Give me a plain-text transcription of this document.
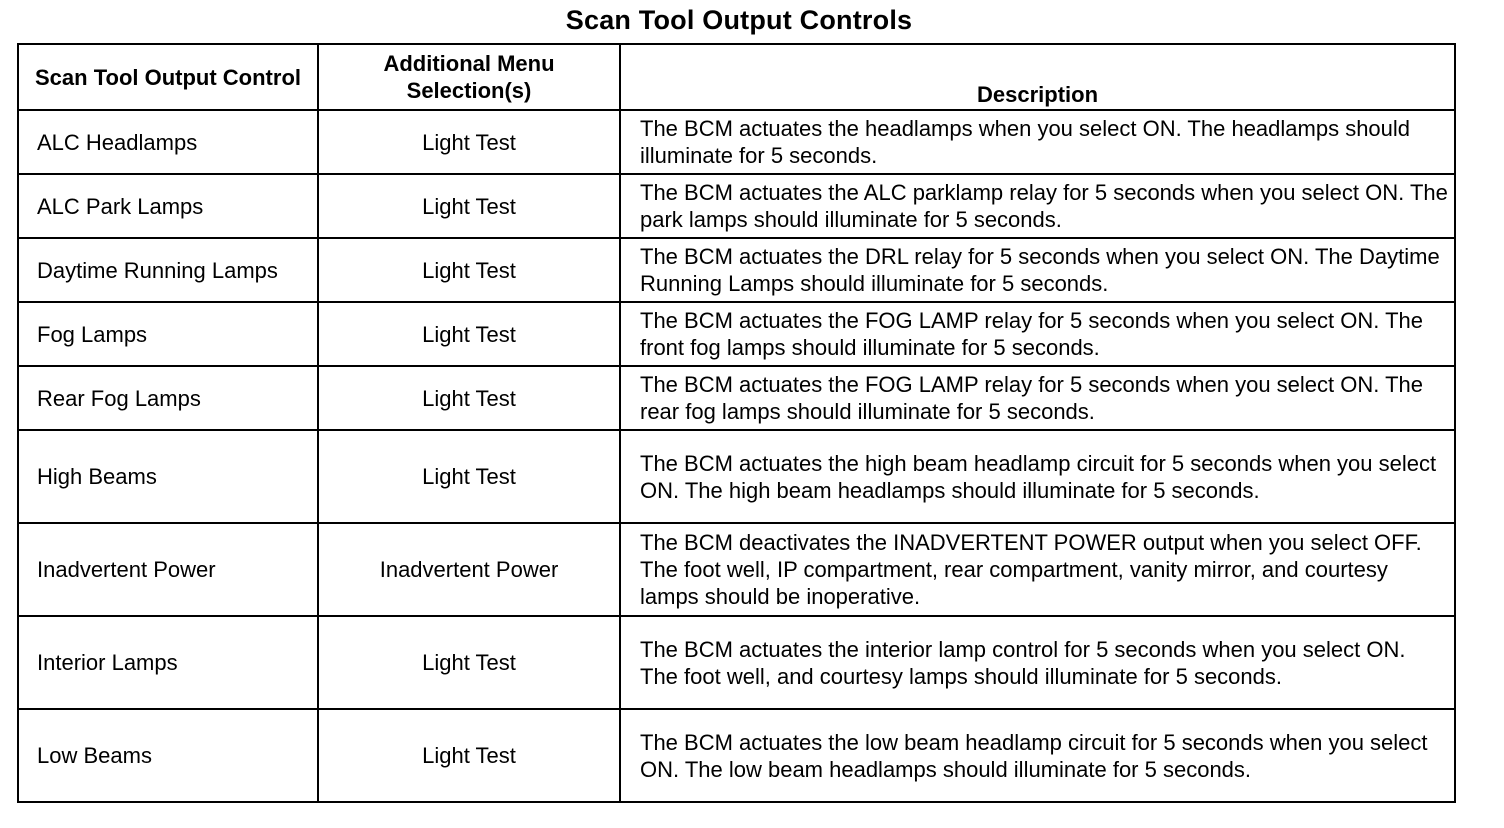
Scan Tool Output Controls
Scan Tool Output Control	Additional Menu Selection(s)	Description
ALC Headlamps	Light Test	The BCM actuates the headlamps when you select ON. The headlamps should illuminate for 5 seconds.
ALC Park Lamps	Light Test	The BCM actuates the ALC parklamp relay for 5 seconds when you select ON. The park lamps should illuminate for 5 seconds.
Daytime Running Lamps	Light Test	The BCM actuates the DRL relay for 5 seconds when you select ON. The Daytime Running Lamps should illuminate for 5 seconds.
Fog Lamps	Light Test	The BCM actuates the FOG LAMP relay for 5 seconds when you select ON. The front fog lamps should illuminate for 5 seconds.
Rear Fog Lamps	Light Test	The BCM actuates the FOG LAMP relay for 5 seconds when you select ON. The rear fog lamps should illuminate for 5 seconds.
High Beams	Light Test	The BCM actuates the high beam headlamp circuit for 5 seconds when you select ON. The high beam headlamps should illuminate for 5 seconds.
Inadvertent Power	Inadvertent Power	The BCM deactivates the INADVERTENT POWER output when you select OFF. The foot well, IP compartment, rear compartment, vanity mirror, and courtesy lamps should be inoperative.
Interior Lamps	Light Test	The BCM actuates the interior lamp control for 5 seconds when you select ON. The foot well, and courtesy lamps should illuminate for 5 seconds.
Low Beams	Light Test	The BCM actuates the low beam headlamp circuit for 5 seconds when you select ON. The low beam headlamps should illuminate for 5 seconds.
